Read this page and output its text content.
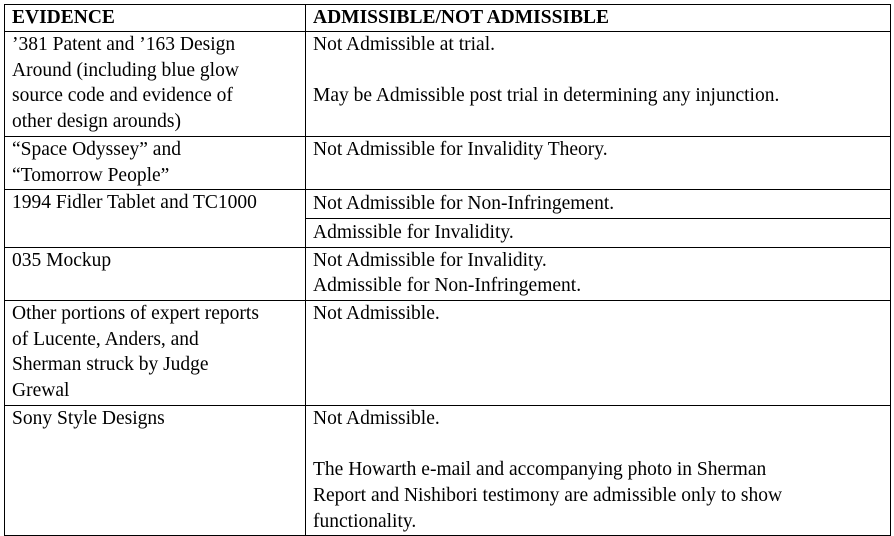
EVIDENCE	ADMISSIBLE/NOT ADMISSIBLE

’381 Patent and ’163 Design
Around (including blue glow
source code and evidence of
other design arounds)	Not Admissible at trial.
May be Admissible post trial in determining any injunction.

“Space Odyssey” and
“Tomorrow People”	Not Admissible for Invalidity Theory.

1994 Fidler Tablet and TC1000	Not Admissible for Non-Infringement.

	Admissible for Invalidity.

035 Mockup	Not Admissible for Invalidity.
Admissible for Non-Infringement.

Other portions of expert reports
of Lucente, Anders, and
Sherman struck by Judge
Grewal	Not Admissible.

Sony Style Designs	Not Admissible.
The Howarth e-mail and accompanying photo in Sherman
Report and Nishibori testimony are admissible only to show
functionality.
